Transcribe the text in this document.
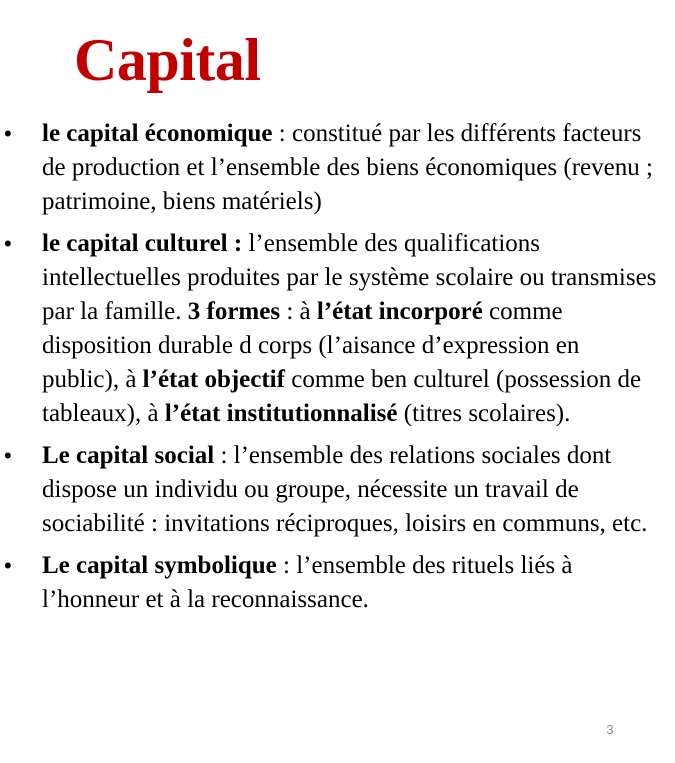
Capital
• le capital économique : constitué par les différents facteurs de production et l’ensemble des biens économiques (revenu ; patrimoine, biens matériels)
• le capital culturel : l’ensemble des qualifications intellectuelles produites par le système scolaire ou transmises par la famille. 3 formes : à l’état incorporé comme disposition durable d corps (l’aisance d’expression en public), à l’état objectif comme ben culturel (possession de tableaux), à l’état institutionnalisé (titres scolaires).
• Le capital social : l’ensemble des relations sociales dont dispose un individu ou groupe, nécessite un travail de sociabilité : invitations réciproques, loisirs en communs, etc.
• Le capital symbolique : l’ensemble des rituels liés à l’honneur et à la reconnaissance.
3
